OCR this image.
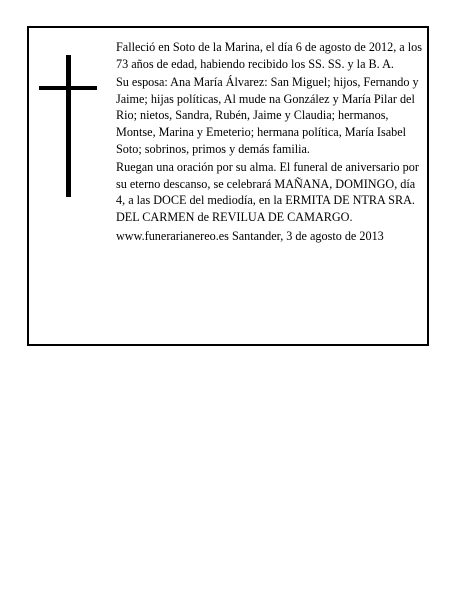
Falleció en Soto de la Marina, el día 6 de agosto de 2012, a los 73 años de edad, habiendo recibido los SS. SS. y la B. A.

Su esposa: Ana María Álvarez: San Miguel; hijos, Fernando y Jaime; hijas políticas, Al mude na González y María Pilar del Rio; nietos, Sandra, Rubén, Jaime y Claudia; hermanos, Montse, Marina y Emeterio; hermana política, María Isabel Soto; sobrinos, primos y demás familia.

Ruegan una oración por su alma. El funeral de aniversario por su eterno descanso, se celebrará MAÑANA, DOMINGO, día 4, a las DOCE del mediodía, en la ERMITA DE NTRA SRA. DEL CARMEN de REVILUA DE CAMARGO.

www.funerarianereo.es Santander, 3 de agosto de 2013
